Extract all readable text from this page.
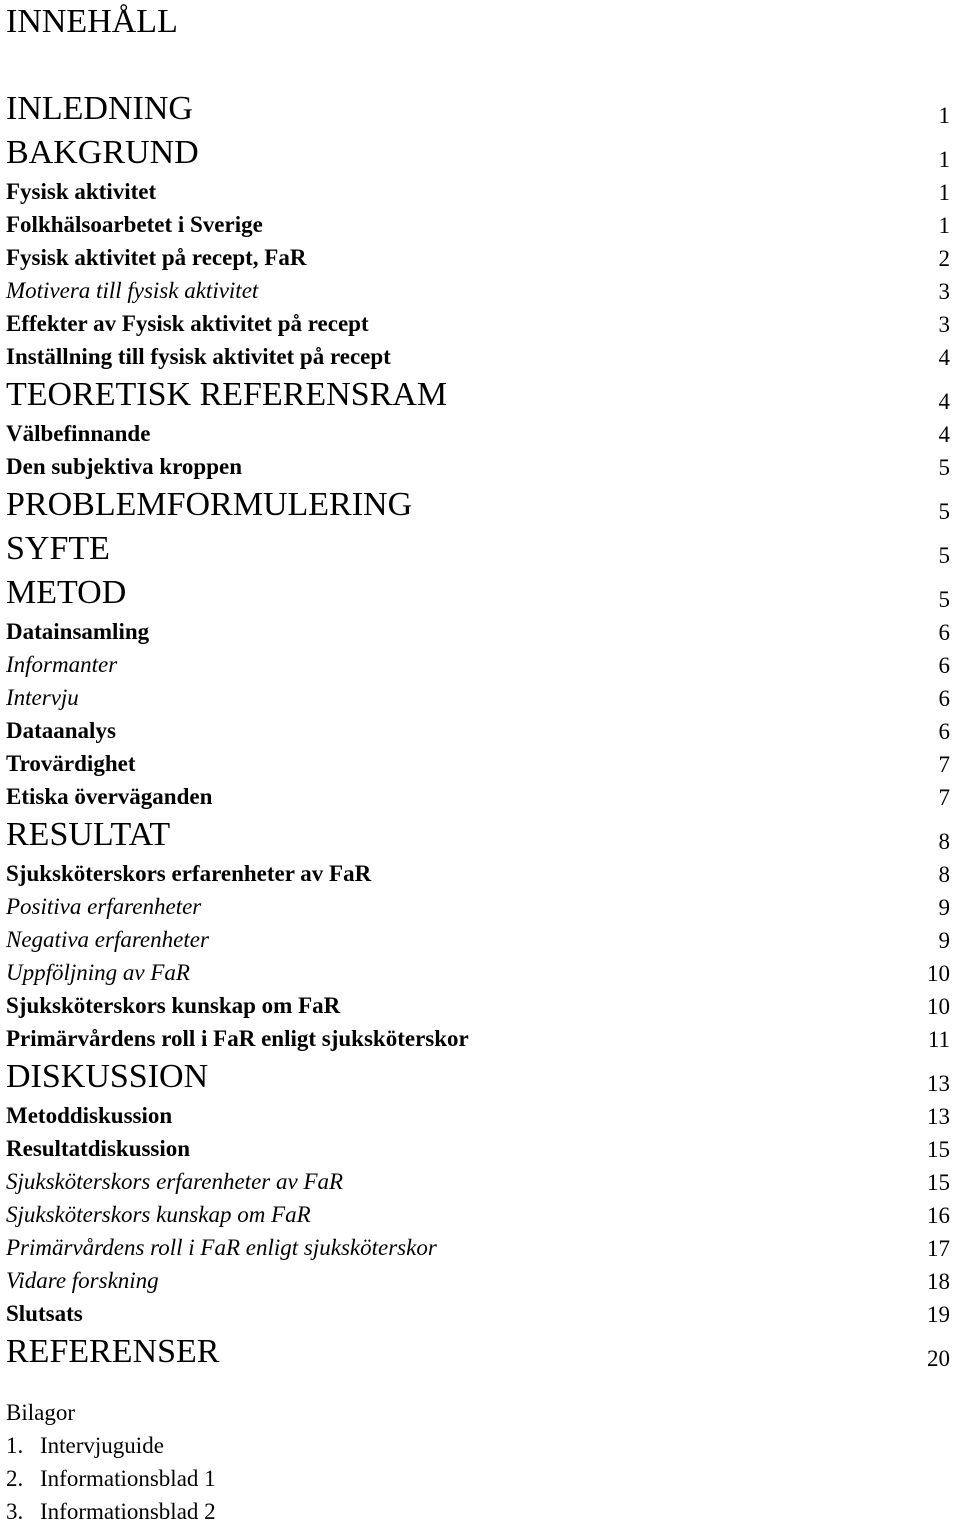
INNEHÅLL
INLEDNING	1
BAKGRUND	1
Fysisk aktivitet	1
Folkhälsoarbetet i Sverige	1
Fysisk aktivitet på recept, FaR	2
Motivera till fysisk aktivitet	3
Effekter av Fysisk aktivitet på recept	3
Inställning till fysisk aktivitet på recept	4
TEORETISK REFERENSRAM	4
Välbefinnande	4
Den subjektiva kroppen	5
PROBLEMFORMULERING	5
SYFTE	5
METOD	5
Datainsamling	6
Informanter	6
Intervju	6
Dataanalys	6
Trovärdighet	7
Etiska överväganden	7
RESULTAT	8
Sjuksköterskors erfarenheter av FaR	8
Positiva erfarenheter	9
Negativa erfarenheter	9
Uppföljning av FaR	10
Sjuksköterskors kunskap om FaR	10
Primärvårdens roll i FaR enligt sjuksköterskor	11
DISKUSSION	13
Metoddiskussion	13
Resultatdiskussion	15
Sjuksköterskors erfarenheter av FaR	15
Sjuksköterskors kunskap om FaR	16
Primärvårdens roll i FaR enligt sjuksköterskor	17
Vidare forskning	18
Slutsats	19
REFERENSER	20
Bilagor
1. Intervjuguide
2. Informationsblad 1
3. Informationsblad 2
